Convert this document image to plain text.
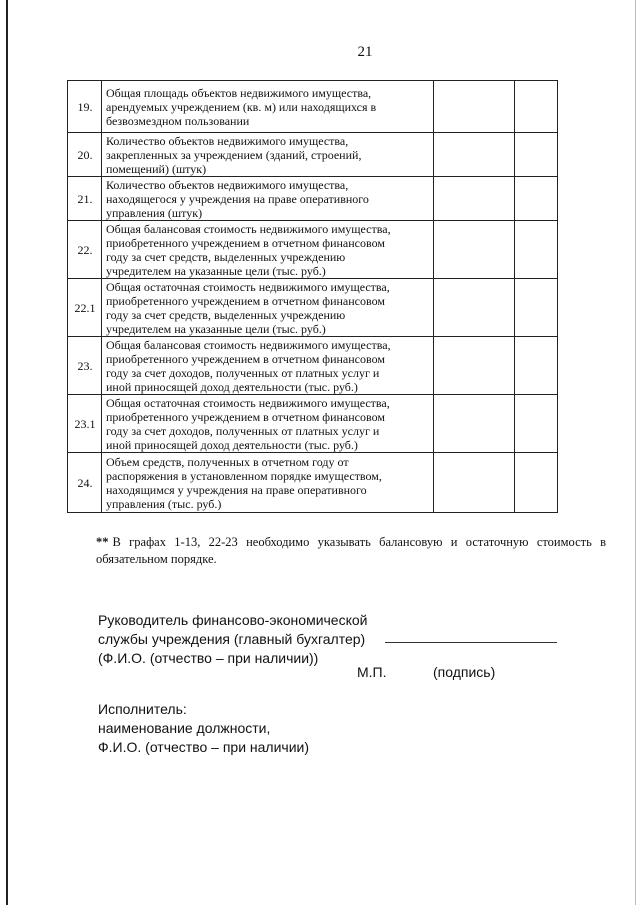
21
19.	Общая площадь объектов недвижимого имущества,
арендуемых учреждением (кв. м) или находящихся в
безвозмездном пользовании		

20.	Количество объектов недвижимого имущества,
закрепленных за учреждением (зданий, строений,
помещений) (штук)		

21.	Количество объектов недвижимого имущества,
находящегося у учреждения на праве оперативного
управления (штук)		

22.	Общая балансовая стоимость недвижимого имущества,
приобретенного учреждением в отчетном финансовом
году за счет средств, выделенных учреждению
учредителем на указанные цели (тыс. руб.)		

22.1	Общая остаточная стоимость недвижимого имущества,
приобретенного учреждением в отчетном финансовом
году за счет средств, выделенных учреждению
учредителем на указанные цели (тыс. руб.)		

23.	Общая балансовая стоимость недвижимого имущества,
приобретенного учреждением в отчетном финансовом
году за счет доходов, полученных от платных услуг и
иной приносящей доход деятельности (тыс. руб.)		

23.1	Общая остаточная стоимость недвижимого имущества,
приобретенного учреждением в отчетном финансовом
году за счет доходов, полученных от платных услуг и
иной приносящей доход деятельности (тыс. руб.)		

24.	Объем средств, полученных в отчетном году от
распоряжения в установленном порядке имуществом,
находящимся у учреждения на праве оперативного
управления (тыс. руб.)		

** В графах 1-13, 22-23 необходимо указывать балансовую и остаточную стоимость в обязательном порядке.
Руководитель финансово-экономической
службы учреждения (главный бухгалтер)
(Ф.И.О. (отчество – при наличии))
М.П.	(подпись)
Исполнитель:
наименование должности,
Ф.И.О. (отчество – при наличии)
